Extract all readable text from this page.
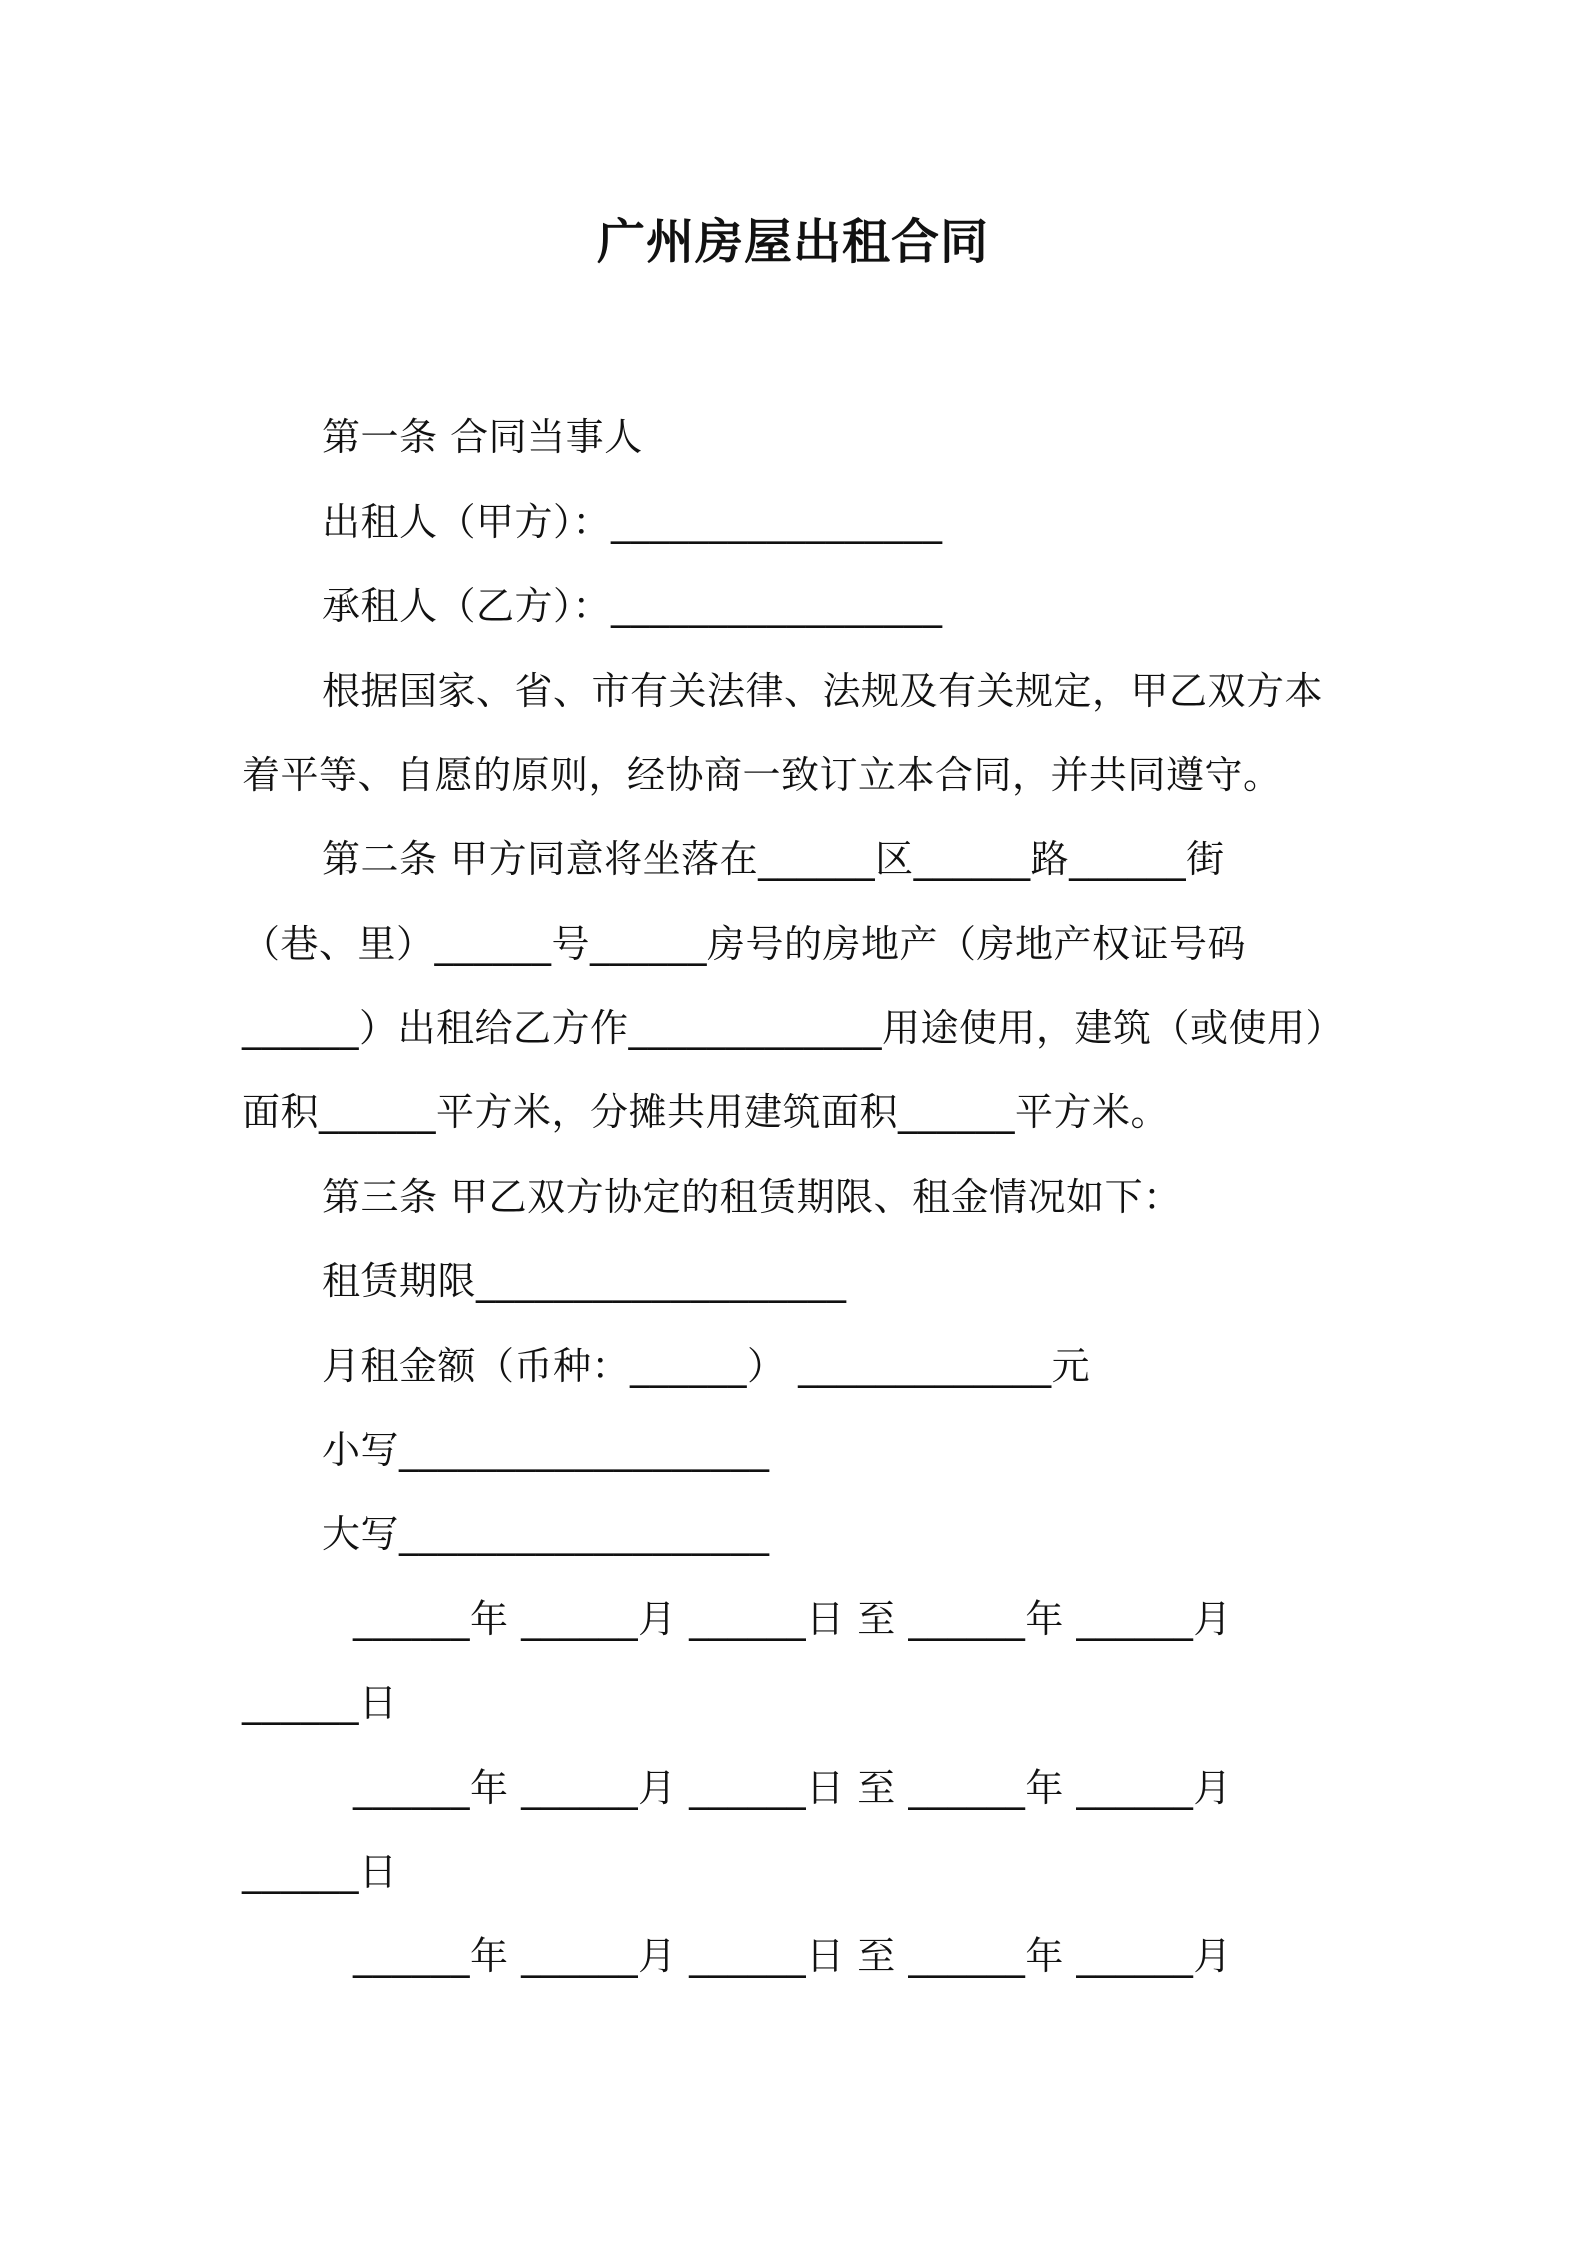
广州房屋出租合同
第一条 合同当事人
出租人（甲方）：_________________
承租人（乙方）：_________________
根据国家、省、市有关法律、法规及有关规定，甲乙双方本
着平等、自愿的原则，经协商一致订立本合同，并共同遵守。
第二条 甲方同意将坐落在______区______路______街
（巷、里）______号______房号的房地产（房地产权证号码
______）出租给乙方作_____________用途使用，建筑（或使用）
面积______平方米，分摊共用建筑面积______平方米。
第三条 甲乙双方协定的租赁期限、租金情况如下：
租赁期限___________________
月租金额（币种：______） _____________元
小写___________________
大写___________________
______年 ______月 ______日 至 ______年 ______月
______日
______年 ______月 ______日 至 ______年 ______月
______日
______年 ______月 ______日 至 ______年 ______月
